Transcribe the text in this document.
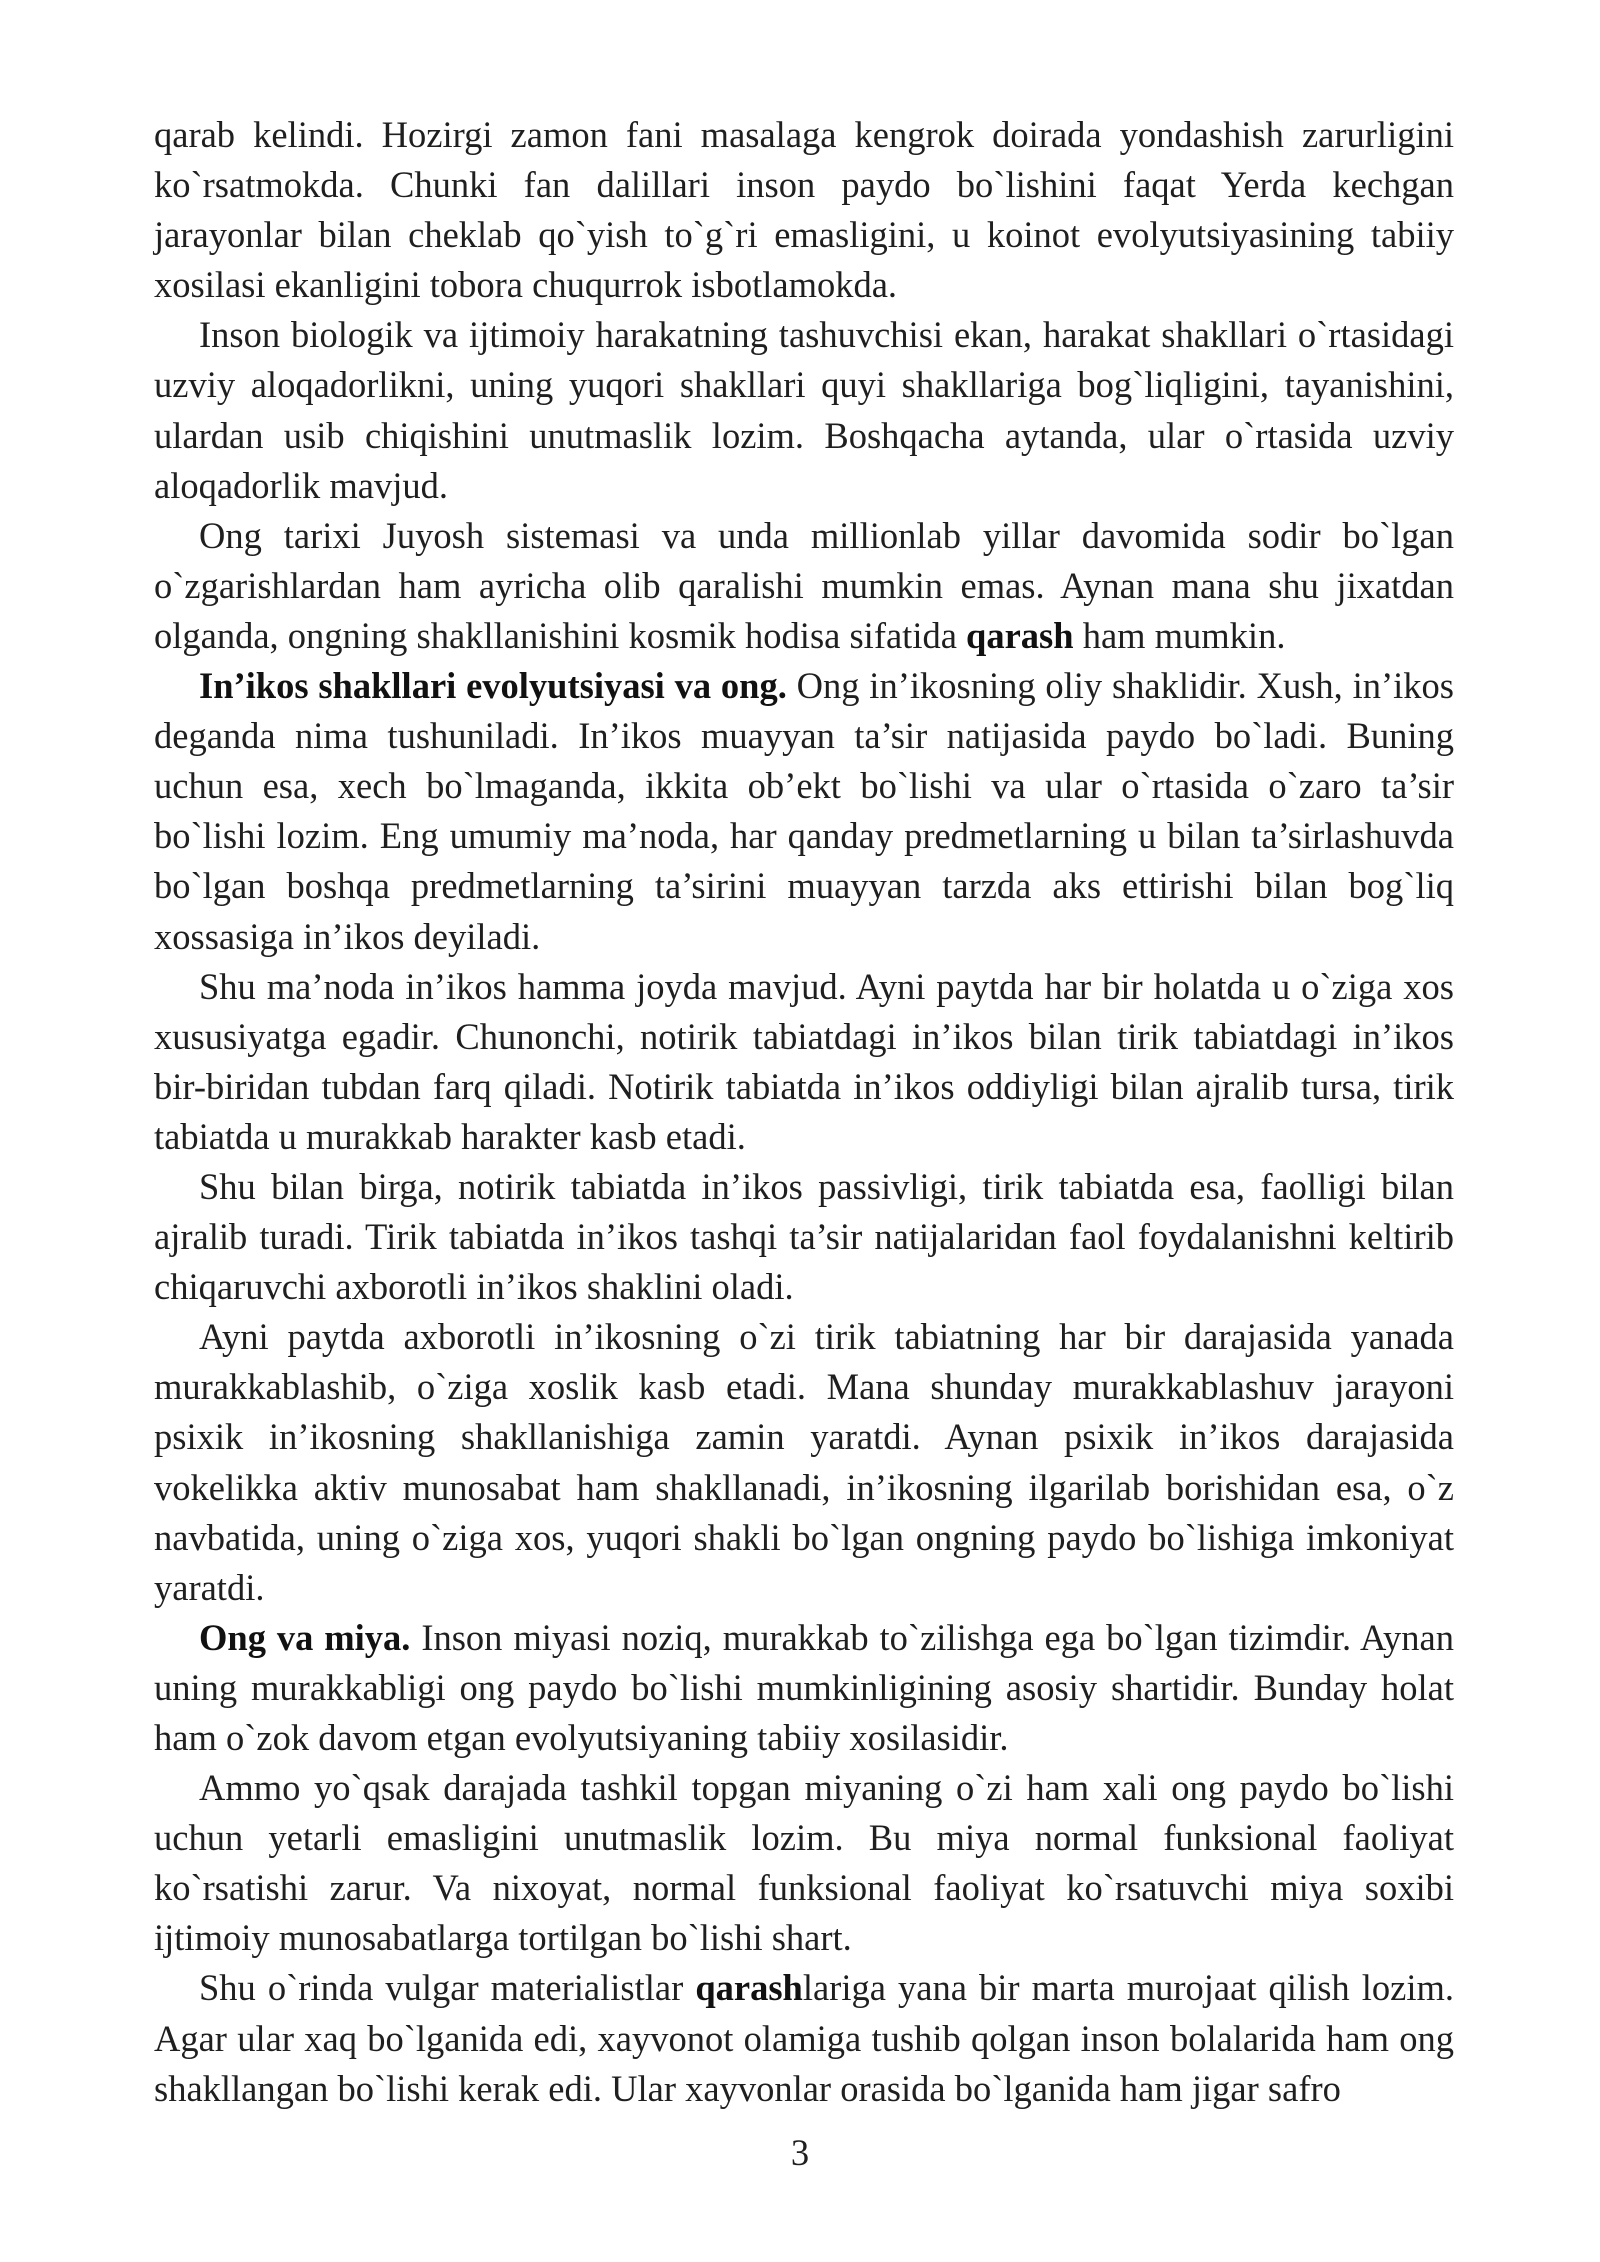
qarab kelindi. Hozirgi zamon fani masalaga kengrok doirada yondashish zarurligini ko`rsatmokda. Chunki fan dalillari inson paydo bo`lishini faqat Yerda kechgan jarayonlar bilan cheklab qo`yish to`g`ri emasligini, u koinot evolyutsiyasining tabiiy xosilasi ekanligini tobora chuqurrok isbotlamokda.

Inson biologik va ijtimoiy harakatning tashuvchisi ekan, harakat shakllari o`rtasidagi uzviy aloqadorlikni, uning yuqori shakllari quyi shakllariga bog`liqligini, tayanishini, ulardan usib chiqishini unutmaslik lozim. Boshqacha aytanda, ular o`rtasida uzviy aloqadorlik mavjud.

Ong tarixi Juyosh sistemasi va unda millionlab yillar davomida sodir bo`lgan o`zgarishlardan ham ayricha olib qaralishi mumkin emas. Aynan mana shu jixatdan olganda, ongning shakllanishini kosmik hodisa sifatida qarash ham mumkin.

In’ikos shakllari evolyutsiyasi va ong. Ong in’ikosning oliy shaklidir. Xush, in’ikos deganda nima tushuniladi. In’ikos muayyan ta’sir natijasida paydo bo`ladi. Buning uchun esa, xech bo`lmaganda, ikkita ob’ekt bo`lishi va ular o`rtasida o`zaro ta’sir bo`lishi lozim. Eng umumiy ma’noda, har qanday predmetlarning u bilan ta’sirlashuvda bo`lgan boshqa predmetlarning ta’sirini muayyan tarzda aks ettirishi bilan bog`liq xossasiga in’ikos deyiladi.

Shu ma’noda in’ikos hamma joyda mavjud. Ayni paytda har bir holatda u o`ziga xos xususiyatga egadir. Chunonchi, notirik tabiatdagi in’ikos bilan tirik tabiatdagi in’ikos bir-biridan tubdan farq qiladi. Notirik tabiatda in’ikos oddiyligi bilan ajralib tursa, tirik tabiatda u murakkab harakter kasb etadi.

Shu bilan birga, notirik tabiatda in’ikos passivligi, tirik tabiatda esa, faolligi bilan ajralib turadi. Tirik tabiatda in’ikos tashqi ta’sir natijalaridan faol foydalanishni keltirib chiqaruvchi axborotli in’ikos shaklini oladi.

Ayni paytda axborotli in’ikosning o`zi tirik tabiatning har bir darajasida yanada murakkablashib, o`ziga xoslik kasb etadi. Mana shunday murakkablashuv jarayoni psixik in’ikosning shakllanishiga zamin yaratdi. Aynan psixik in’ikos darajasida vokelikka aktiv munosabat ham shakllanadi, in’ikosning ilgarilab borishidan esa, o`z navbatida, uning o`ziga xos, yuqori shakli bo`lgan ongning paydo bo`lishiga imkoniyat yaratdi.

Ong va miya. Inson miyasi noziq, murakkab to`zilishga ega bo`lgan tizimdir. Aynan uning murakkabligi ong paydo bo`lishi mumkinligining asosiy shartidir. Bunday holat ham o`zok davom etgan evolyutsiyaning tabiiy xosilasidir.

Ammo yo`qsak darajada tashkil topgan miyaning o`zi ham xali ong paydo bo`lishi uchun yetarli emasligini unutmaslik lozim. Bu miya normal funksional faoliyat ko`rsatishi zarur. Va nixoyat, normal funksional faoliyat ko`rsatuvchi miya soxibi ijtimoiy munosabatlarga tortilgan bo`lishi shart.

Shu o`rinda vulgar materialistlar qarashlariga yana bir marta murojaat qilish lozim. Agar ular xaq bo`lganida edi, xayvonot olamiga tushib qolgan inson bolalarida ham ong shakllangan bo`lishi kerak edi. Ular xayvonlar orasida bo`lganida ham jigar safro

3
